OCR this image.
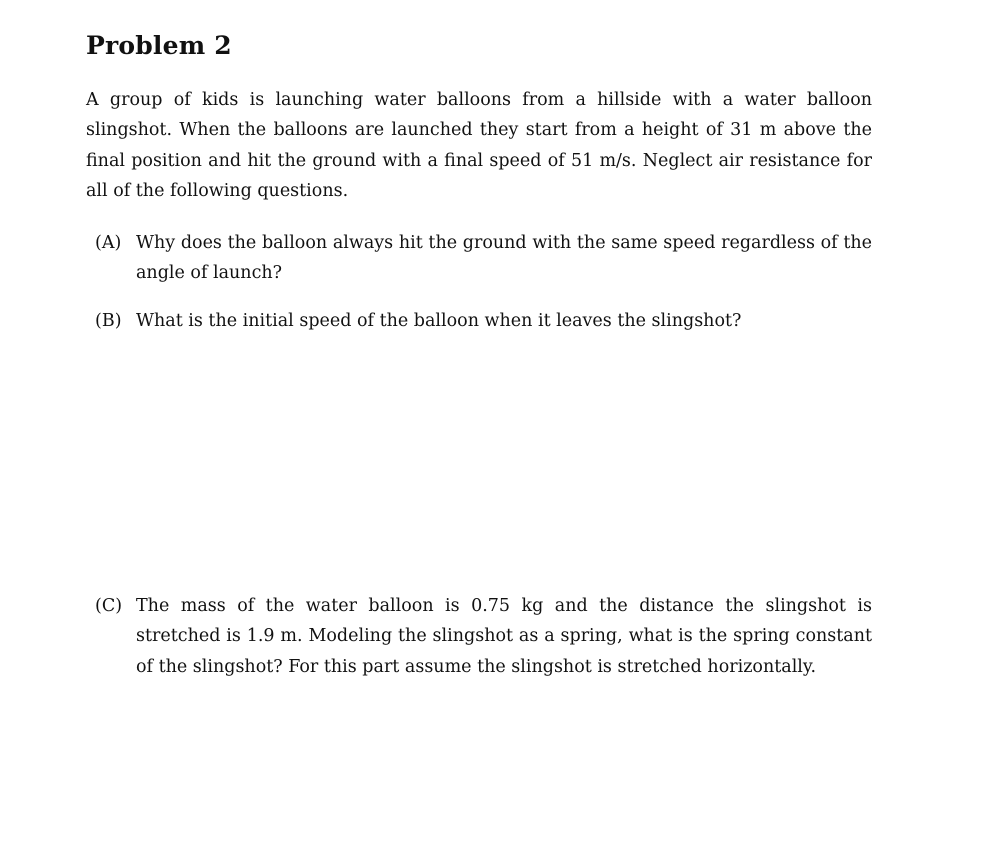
Problem 2

A group of kids is launching water balloons from a hillside with a water balloon slingshot. When the balloons are launched they start from a height of 31 m above the final position and hit the ground with a final speed of 51 m/s. Neglect air resistance for all of the following questions.

(A) Why does the balloon always hit the ground with the same speed regardless of the angle of launch?
(B) What is the initial speed of the balloon when it leaves the slingshot?
(C) The mass of the water balloon is 0.75 kg and the distance the slingshot is stretched is 1.9 m. Modeling the slingshot as a spring, what is the spring constant of the slingshot? For this part assume the slingshot is stretched horizontally.
